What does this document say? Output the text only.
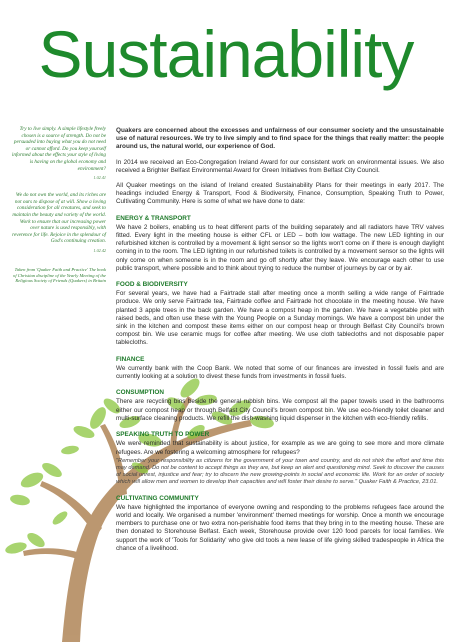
Sustainability

Try to live simply. A simple lifestyle freely chosen is a source of strength. Do not be persuaded into buying what you do not need or cannot afford. Do you keep yourself informed about the effects your style of living is having on the global economy and environment?

1.02.41

We do not own the world, and its riches are not ours to dispose of at will. Show a loving consideration for all creatures, and seek to maintain the beauty and variety of the world. Work to ensure that our increasing power over nature is used responsibly, with reverence for life. Rejoice in the splendour of God's continuing creation.

1.02.42

Taken from 'Quaker Faith and Practice' The book of Christian discipline of the Yearly Meeting of the Religious Society of Friends (Quakers) in Britain

Quakers are concerned about the excesses and unfairness of our consumer society and the unsustainable use of natural resources. We try to live simply and to find space for the things that really matter: the people around us, the natural world, our experience of God.

In 2014 we received an Eco-Congregation Ireland Award for our consistent work on environmental issues. We also received a Brighter Belfast Environmental Award for Green Initiatives from Belfast City Council.

All Quaker meetings on the island of Ireland created Sustainability Plans for their meetings in early 2017. The headings included Energy & Transport, Food & Biodiversity, Finance, Consumption, Speaking Truth to Power, Cultivating Community. Here is some of what we have done to date:

ENERGY & TRANSPORT

We have 2 boilers, enabling us to heat different parts of the building separately and all radiators have TRV valves fitted. Every light in the meeting house is either CFL or LED – both low wattage. The new LED lighting in our refurbished kitchen is controlled by a movement & light sensor so the lights won't come on if there is enough daylight coming in to the room. The LED lighting in our refurbished toilets is controlled by a movement sensor so the lights will only come on when someone is in the room and go off shortly after they leave. We encourage each other to use public transport, where possible and to think about trying to reduce the number of journeys by car or by air.

FOOD & BIODIVERSITY

For several years, we have had a Fairtrade stall after meeting once a month selling a wide range of Fairtrade produce. We only serve Fairtrade tea, Fairtrade coffee and Fairtrade hot chocolate in the meeting house. We have planted 3 apple trees in the back garden. We have a compost heap in the garden. We have a vegetable plot with raised beds, and often use these with the Young People on a Sunday mornings. We have a compost bin under the sink in the kitchen and compost these items either on our compost heap or through Belfast City Council's brown compost bin. We use ceramic mugs for coffee after meeting. We use cloth tablecloths and not disposable paper tablecloths.

FINANCE

We currently bank with the Coop Bank. We noted that some of our finances are invested in fossil fuels and are currently looking at a solution to divest these funds from investments in fossil fuels.

CONSUMPTION

There are recycling bins beside the general rubbish bins. We compost all the paper towels used in the bathrooms either our compost heap or through Belfast City Council's brown compost bin. We use eco-friendly toilet cleaner and multi-surface cleaning products. We refill the dish-washing liquid dispenser in the kitchen with eco-friendly refills.

SPEAKING TRUTH TO POWER

We were reminded that sustainability is about justice, for example as we are going to see more and more climate refugees. Are we fostering a welcoming atmosphere for refugees?

"Remember your responsibility as citizens for the government of your town and country, and do not shirk the effort and time this may demand. Do not be content to accept things as they are, but keep an alert and questioning mind. Seek to discover the causes of social unrest, injustice and fear; try to discern the new growing-points in social and economic life. Work for an order of society which will allow men and women to develop their capacities and will foster their desire to serve." Quaker Faith & Practice, 23.01.

CULTIVATING COMMUNITY

We have highlighted the importance of everyone owning and responding to the problems refugees face around the world and locally. We organised a number 'environment' themed meetings for worship. Once a month we encourage members to purchase one or two extra non-perishable food items that they bring in to the meeting house. These are then donated to Storehouse Belfast. Each week, Storehouse provide over 120 food parcels for local families. We support the work of 'Tools for Solidarity' who give old tools a new lease of life giving skilled tradespeople in Africa the chance of a livelihood.
